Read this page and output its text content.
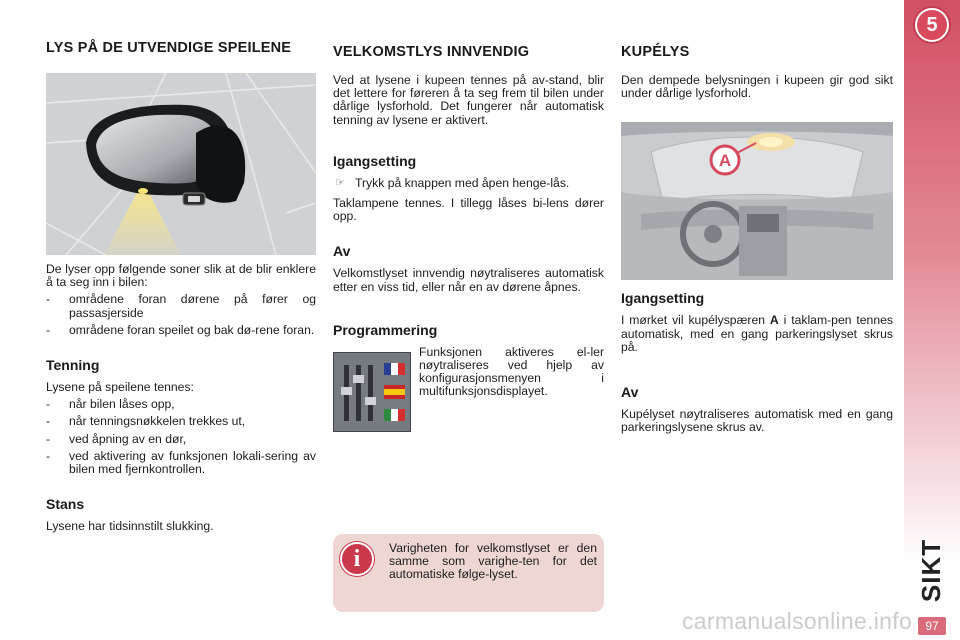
LYS PÅ DE UTVENDIGE SPEILENE

De lyser opp følgende soner slik at de blir enklere å ta seg inn i bilen:

- områdene foran dørene på fører og passasjerside
- områdene foran speilet og bak dø-rene foran.
Tenning

Lysene på speilene tennes:

- når bilen låses opp,
- når tenningsnøkkelen trekkes ut,
- ved åpning av en dør,
- ved aktivering av funksjonen lokali-sering av bilen med fjernkontrollen.
Stans

Lysene har tidsinnstilt slukking.

VELKOMSTLYS INNVENDIG

Ved at lysene i kupeen tennes på av-stand, blir det lettere for føreren å ta seg frem til bilen under dårlige lysforhold. Det fungerer når automatisk tenning av lysene er aktivert.

Igangsetting
☞ Trykk på knappen med åpen henge-lås.

Taklampene tennes. I tillegg låses bi-lens dører opp.

Av

Velkomstlyset innvendig nøytraliseres automatisk etter en viss tid, eller når en av dørene åpnes.

Programmering

Funksjonen aktiveres el-ler nøytraliseres ved hjelp av konfigurasjonsmenyen i multifunksjonsdisplayet.

i	Varigheten for velkomstlyset er den samme som varighe-ten for det automatiske følge-lyset.

KUPÉLYS

Den dempede belysningen i kupeen gir god sikt under dårlige lysforhold.

A
Igangsetting

I mørket vil kupélyspæren A i taklam-pen tennes automatisk, med en gang parkeringslyset skrus på.

Av

Kupélyset nøytraliseres automatisk med en gang parkeringslysene skrus av.

5
SIKT
97
carmanualsonline.info
